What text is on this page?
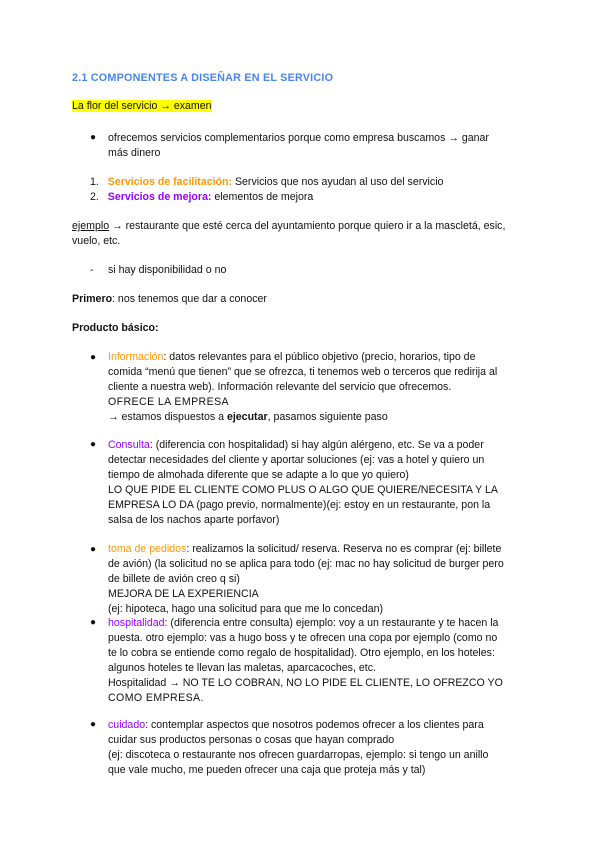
2.1 COMPONENTES A DISEÑAR EN EL SERVICIO

La flor del servicio → examen

● ofrecemos servicios complementarios porque como empresa buscamos → ganar

más dinero

1. Servicios de facilitación: Servicios que nos ayudan al uso del servicio

2. Servicios de mejora: elementos de mejora

ejemplo → restaurante que esté cerca del ayuntamiento porque quiero ir a la mascletá, esic,

vuelo, etc.

- si hay disponibilidad o no

Primero: nos tenemos que dar a conocer

Producto básico:

● Información: datos relevantes para el público objetivo (precio, horarios, tipo de

comida “menú que tienen” que se ofrezca, ti tenemos web o terceros que redirija al

cliente a nuestra web). Información relevante del servicio que ofrecemos.

OFRECE LA EMPRESA

→ estamos dispuestos a ejecutar, pasamos siguiente paso

● Consulta: (diferencia con hospitalidad) si hay algún alérgeno, etc. Se va a poder

detectar necesidades del cliente y aportar soluciones (ej: vas a hotel y quiero un

tiempo de almohada diferente que se adapte a lo que yo quiero)

LO QUE PIDE EL CLIENTE COMO PLUS O ALGO QUE QUIERE/NECESITA Y LA

EMPRESA LO DA (pago previo, normalmente)(ej: estoy en un restaurante, pon la

salsa de los nachos aparte porfavor)

● toma de pedidos: realizamos la solicitud/ reserva. Reserva no es comprar (ej: billete

de avión) (la solicitud no se aplica para todo (ej: mac no hay solicitud de burger pero

de billete de avión creo q si)

MEJORA DE LA EXPERIENCIA

(ej: hipoteca, hago una solicitud para que me lo concedan)

● hospitalidad: (diferencia entre consulta) ejemplo: voy a un restaurante y te hacen la

puesta. otro ejemplo: vas a hugo boss y te ofrecen una copa por ejemplo (como no

te lo cobra se entiende como regalo de hospitalidad). Otro ejemplo, en los hoteles:

algunos hoteles te llevan las maletas, aparcacoches, etc.

Hospitalidad → NO TE LO COBRAN, NO LO PIDE EL CLIENTE, LO OFREZCO YO

COMO EMPRESA.

● cuidado: contemplar aspectos que nosotros podemos ofrecer a los clientes para

cuidar sus productos personas o cosas que hayan comprado

(ej: discoteca o restaurante nos ofrecen guardarropas, ejemplo: si tengo un anillo

que vale mucho, me pueden ofrecer una caja que proteja más y tal)
